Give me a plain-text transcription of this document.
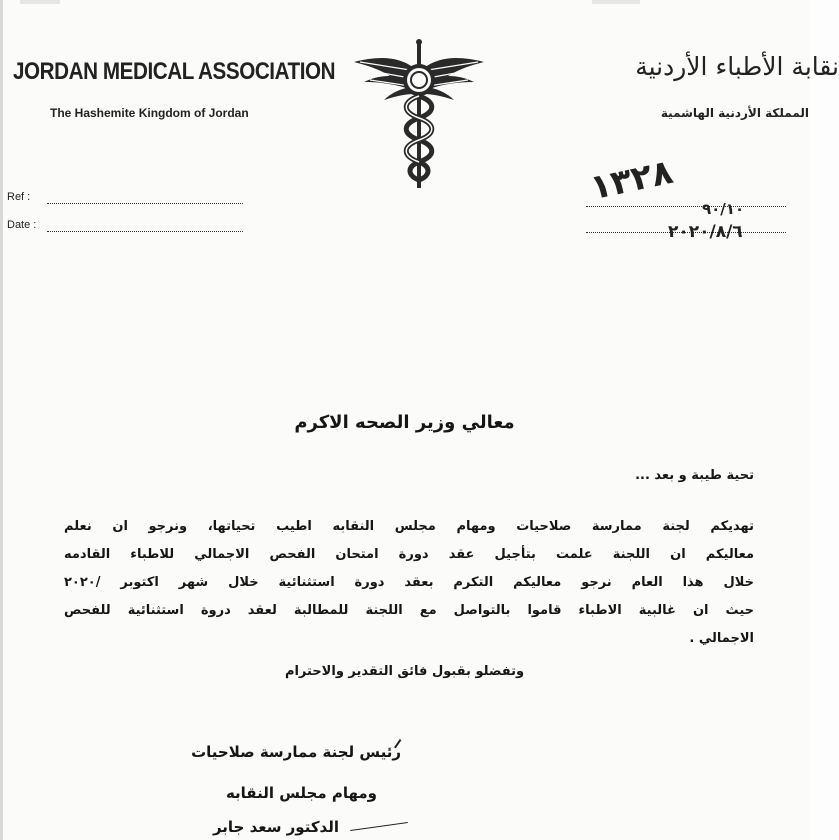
JORDAN MEDICAL ASSOCIATION
The Hashemite Kingdom of Jordan
نقابة الأطباء الأردنية
المملكة الأردنية الهاشمية
Ref :
Date :
١٣٢٨
٩٠/١٠
٢٠٢٠/٨/٦
معالي وزير الصحه الاكرم
تحية طيبة و بعد ...
تهديكم لجنة ممارسة صلاحيات ومهام مجلس النقابه اطيب تحياتها، ونرجو ان نعلم
معاليكم ان اللجنة علمت بتأجيل عقد دورة امتحان الفحص الاجمالي للاطباء القادمه
خلال هذا العام نرجو معاليكم التكرم بعقد دورة استثنائية خلال شهر اكتوبر /٢٠٢٠
حيث ان غالبية الاطباء قاموا بالتواصل مع اللجنة للمطالبة لعقد دروة استثنائية للفحص
الاجمالي .
وتفضلو بقبول فائق التقدير والاحترام
رئيس لجنة ممارسة صلاحيات
ومهام مجلس النقابه
الدكتور سعد جابر
